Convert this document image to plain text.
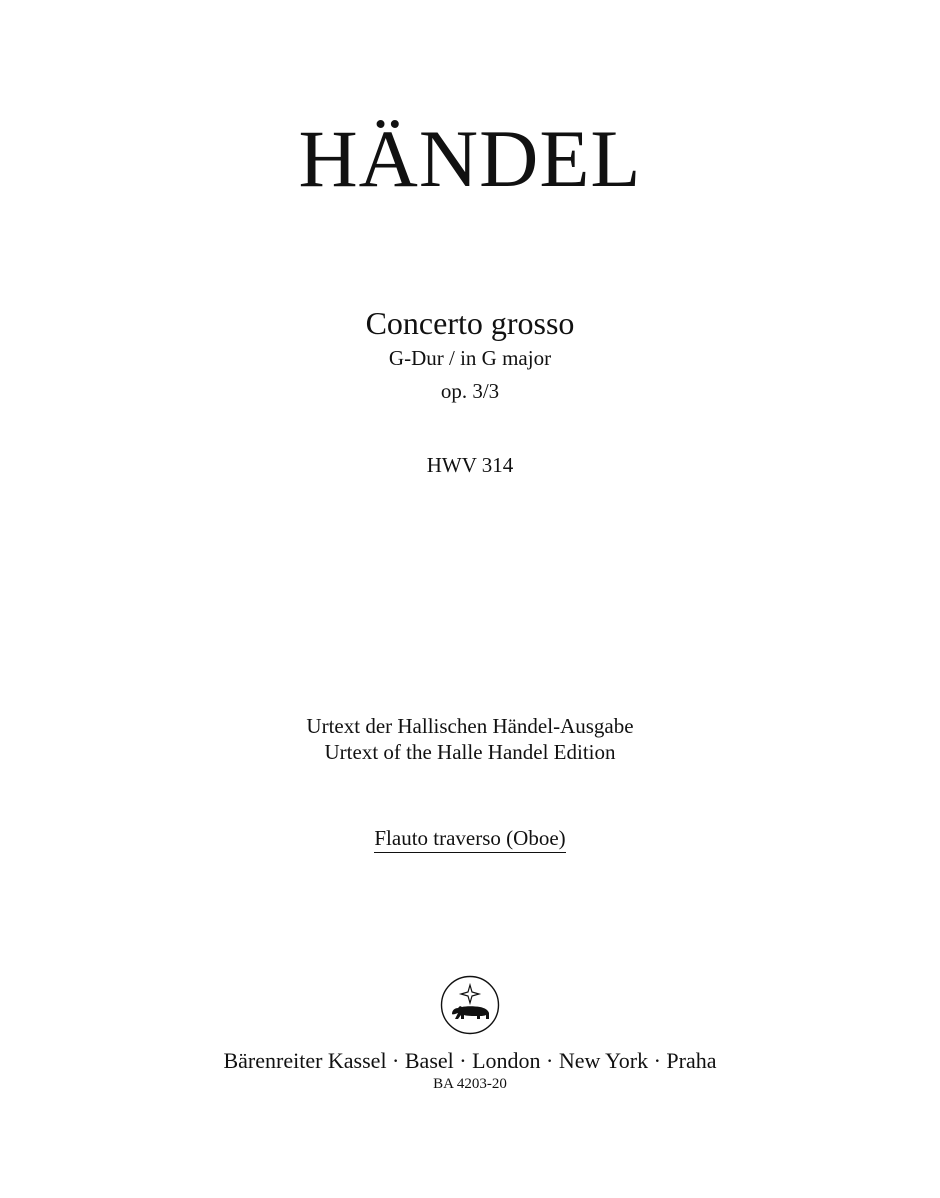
HÄNDEL
Concerto grosso
G-Dur / in G major
op. 3/3
HWV 314
Urtext der Hallischen Händel-Ausgabe
Urtext of the Halle Handel Edition
Flauto traverso (Oboe)
Bärenreiter Kassel · Basel · London · New York · Praha
BA 4203-20
